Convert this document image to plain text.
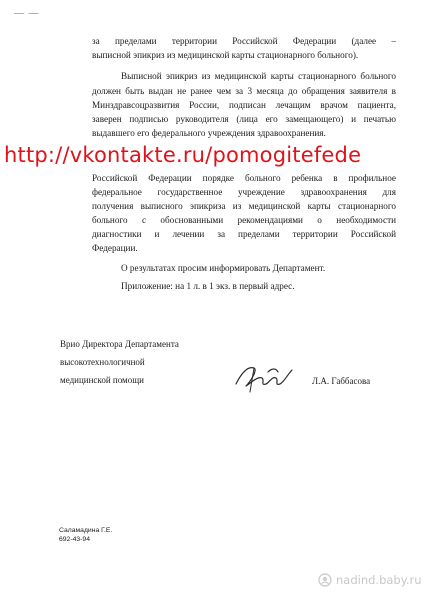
— —
за пределами территории Российской Федерации (далее –
выписной эпикриз из медицинской карты стационарного больного).
Выписной эпикриз из медицинской карты стационарного больного
должен быть выдан не ранее чем за 3 месяца до обращения заявителя в
Минздравсоцразвития России, подписан лечащим врачом пациента,
заверен подписью руководителя (лица его замещающего) и печатью
выдавшего его федерального учреждения здравоохранения.
http://vkontakte.ru/pomogitefede
Российской Федерации порядке больного ребенка в профильное
федеральное государственное учреждение здравоохранения для
получения выписного эпикриза из медицинской карты стационарного
больного с обоснованными рекомендациями о необходимости
диагностики и лечении за пределами территории Российской
Федерации.
О результатах просим информировать Департамент.
Приложение: на 1 л. в 1 экз. в первый адрес.
Врио Директора Департамента
высокотехнологичной
медицинской помощи	Л.А. Габбасова
Саламадина Г.Е.
692-43-94
nadind.baby.ru
